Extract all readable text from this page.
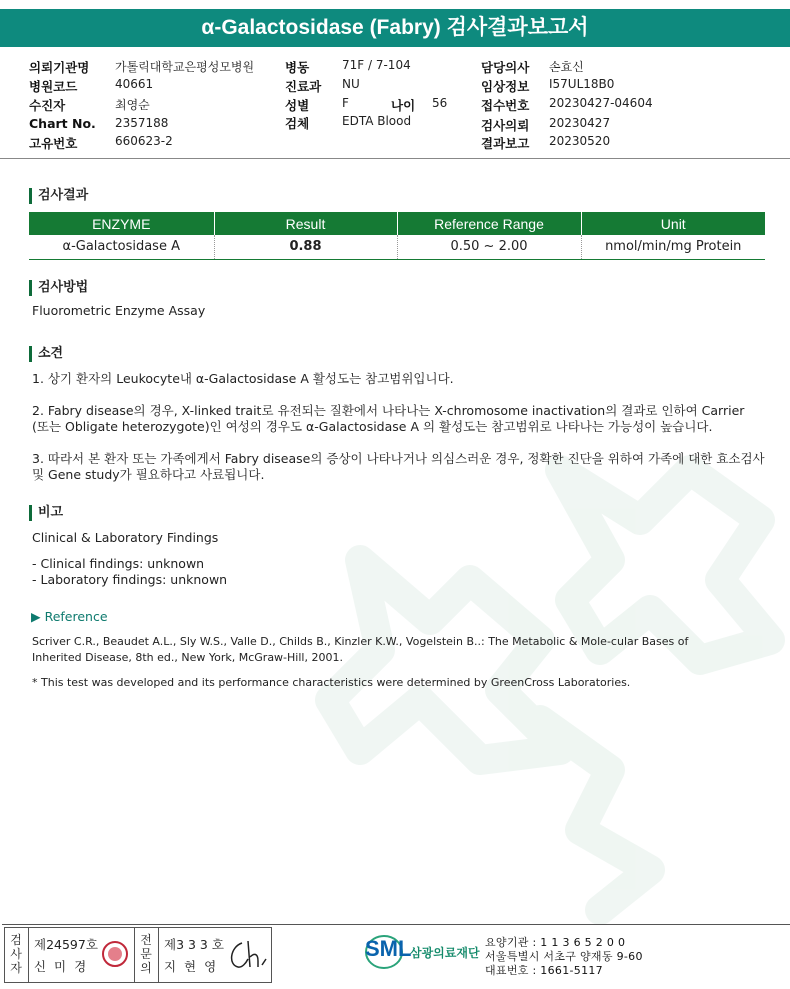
α-Galactosidase (Fabry) 검사결과보고서
의뢰기관명 가톨릭대학교은평성모병원
병원코드	40661
수진자	최영순
Chart No. 2357188
고유번호	660623-2
병동	71F / 7-104
진료과 NU
성별	F	나이 56
검체	EDTA Blood
담당의사 손효신
임상정보 I57UL18B0
접수번호 20230427-04604
검사의뢰 20230427
결과보고 20230520
검사결과
ENZYME	Result	Reference Range	Unit
α-Galactosidase A	0.88	0.50 ~ 2.00	nmol/min/mg Protein
검사방법
Fluorometric Enzyme Assay
소견
1. 상기 환자의 Leukocyte내 α-Galactosidase A 활성도는 참고범위입니다.
2. Fabry disease의 경우, X-linked trait로 유전되는 질환에서 나타나는 X-chromosome inactivation의 결과로 인하여 Carrier
(또는 Obligate heterozygote)인 여성의 경우도 α-Galactosidase A 의 활성도는 참고범위로 나타나는 가능성이 높습니다.
3. 따라서 본 환자 또는 가족에게서 Fabry disease의 증상이 나타나거나 의심스러운 경우, 정확한 진단을 위하여 가족에 대한 효소검사
및 Gene study가 필요하다고 사료됩니다.
비고
Clinical & Laboratory Findings
- Clinical findings: unknown
- Laboratory findings: unknown
▶ Reference
Scriver C.R., Beaudet A.L., Sly W.S., Valle D., Childs B., Kinzler K.W., Vogelstein B..: The Metabolic & Mole-cular Bases of
Inherited Disease, 8th ed., New York, McGraw-Hill, 2001.
* This test was developed and its performance characteristics were determined by GreenCross Laboratories.
검사자
제24597호
신 미 경
전문의
제3 3 3 호
지 현 영
SML
삼광의료재단
요양기관 : 1 1 3 6 5 2 0 0
서울특별시 서초구 양재동 9-60
대표번호 : 1661-5117
